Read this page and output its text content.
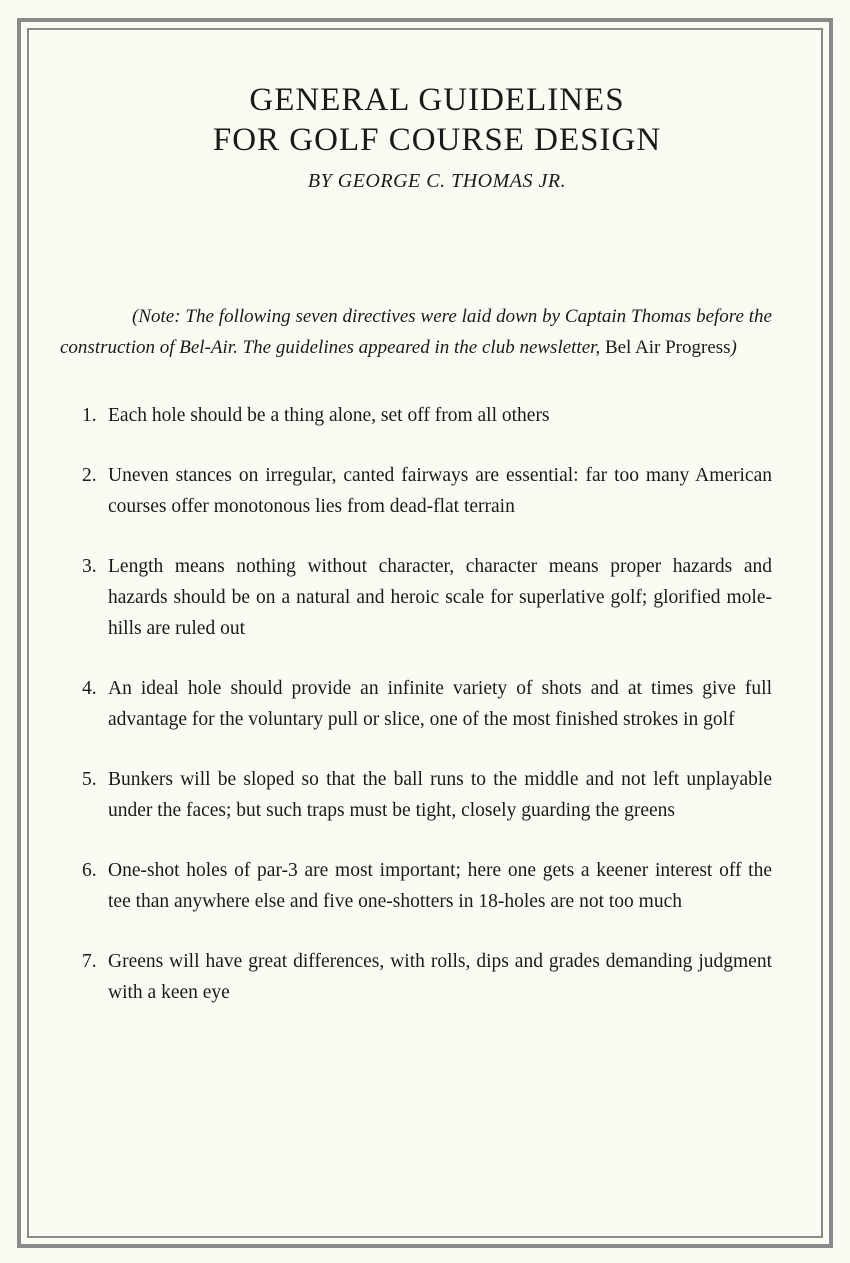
GENERAL GUIDELINES
FOR GOLF COURSE DESIGN
BY GEORGE C. THOMAS JR.

(Note: The following seven directives were laid down by Captain Thomas before the construction of Bel-Air. The guidelines appeared in the club newsletter, Bel Air Progress)

1. Each hole should be a thing alone, set off from all others
2. Uneven stances on irregular, canted fairways are essential: far too many American courses offer monotonous lies from dead-flat terrain
3. Length means nothing without character, character means proper hazards and hazards should be on a natural and heroic scale for superlative golf; glorified mole-hills are ruled out
4. An ideal hole should provide an infinite variety of shots and at times give full advantage for the voluntary pull or slice, one of the most finished strokes in golf
5. Bunkers will be sloped so that the ball runs to the middle and not left unplayable under the faces; but such traps must be tight, closely guarding the greens
6. One-shot holes of par-3 are most important; here one gets a keener interest off the tee than anywhere else and five one-shotters in 18-holes are not too much
7. Greens will have great differences, with rolls, dips and grades demanding judgment with a keen eye
